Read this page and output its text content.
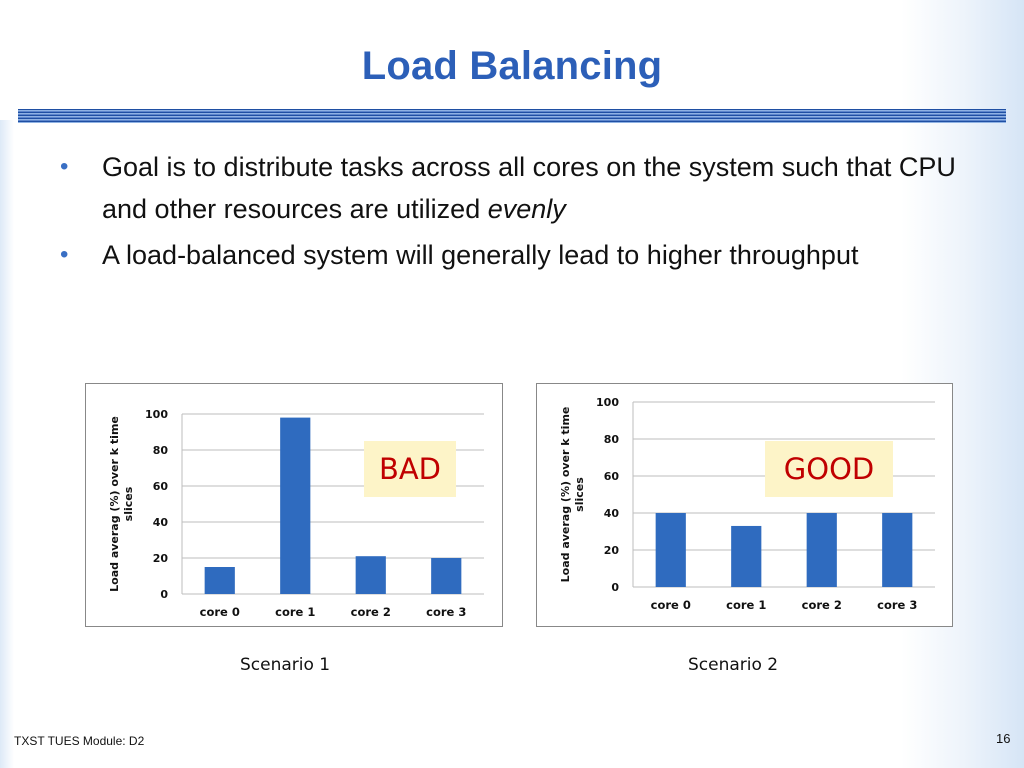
Load Balancing
• Goal is to distribute tasks across all cores on the system such that CPU and other resources are utilized evenly
• A load-balanced system will generally lead to higher throughput
0
20
40
60
80
100
core 0	core 1	core 2	core 3
Load averag (%) over k timeslices
BAD
Scenario 1
0
20
40
60
80
100
core 0	core 1	core 2	core 3
Load averag (%) over k timeslices
GOOD
Scenario 2
TXST TUES Module: D2	16
